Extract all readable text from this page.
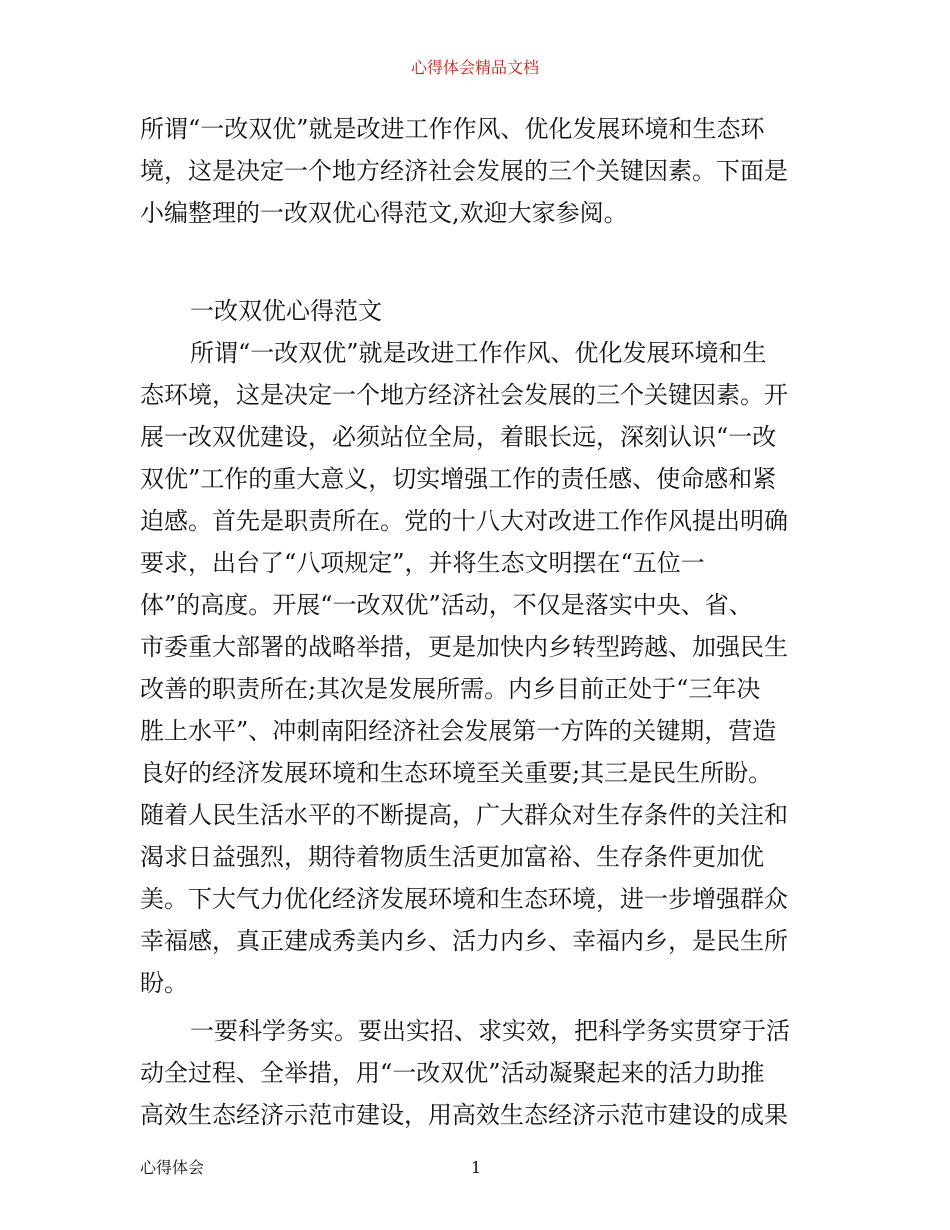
心得体会精品文档
所谓“一改双优”就是改进工作作风、优化发展环境和生态环
境，这是决定一个地方经济社会发展的三个关键因素。下面是
小编整理的一改双优心得范文,欢迎大家参阅。
一改双优心得范文
所谓“一改双优”就是改进工作作风、优化发展环境和生
态环境，这是决定一个地方经济社会发展的三个关键因素。开
展一改双优建设，必须站位全局，着眼长远，深刻认识“一改
双优”工作的重大意义，切实增强工作的责任感、使命感和紧
迫感。首先是职责所在。党的十八大对改进工作作风提出明确
要求，出台了“八项规定”，并将生态文明摆在“五位一
体”的高度。开展“一改双优”活动，不仅是落实中央、省、
市委重大部署的战略举措，更是加快内乡转型跨越、加强民生
改善的职责所在;其次是发展所需。内乡目前正处于“三年决
胜上水平”、冲刺南阳经济社会发展第一方阵的关键期，营造
良好的经济发展环境和生态环境至关重要;其三是民生所盼。
随着人民生活水平的不断提高，广大群众对生存条件的关注和
渴求日益强烈，期待着物质生活更加富裕、生存条件更加优
美。下大气力优化经济发展环境和生态环境，进一步增强群众
幸福感，真正建成秀美内乡、活力内乡、幸福内乡，是民生所
盼。
一要科学务实。要出实招、求实效，把科学务实贯穿于活
动全过程、全举措，用“一改双优”活动凝聚起来的活力助推
高效生态经济示范市建设，用高效生态经济示范市建设的成果
心得体会	1
